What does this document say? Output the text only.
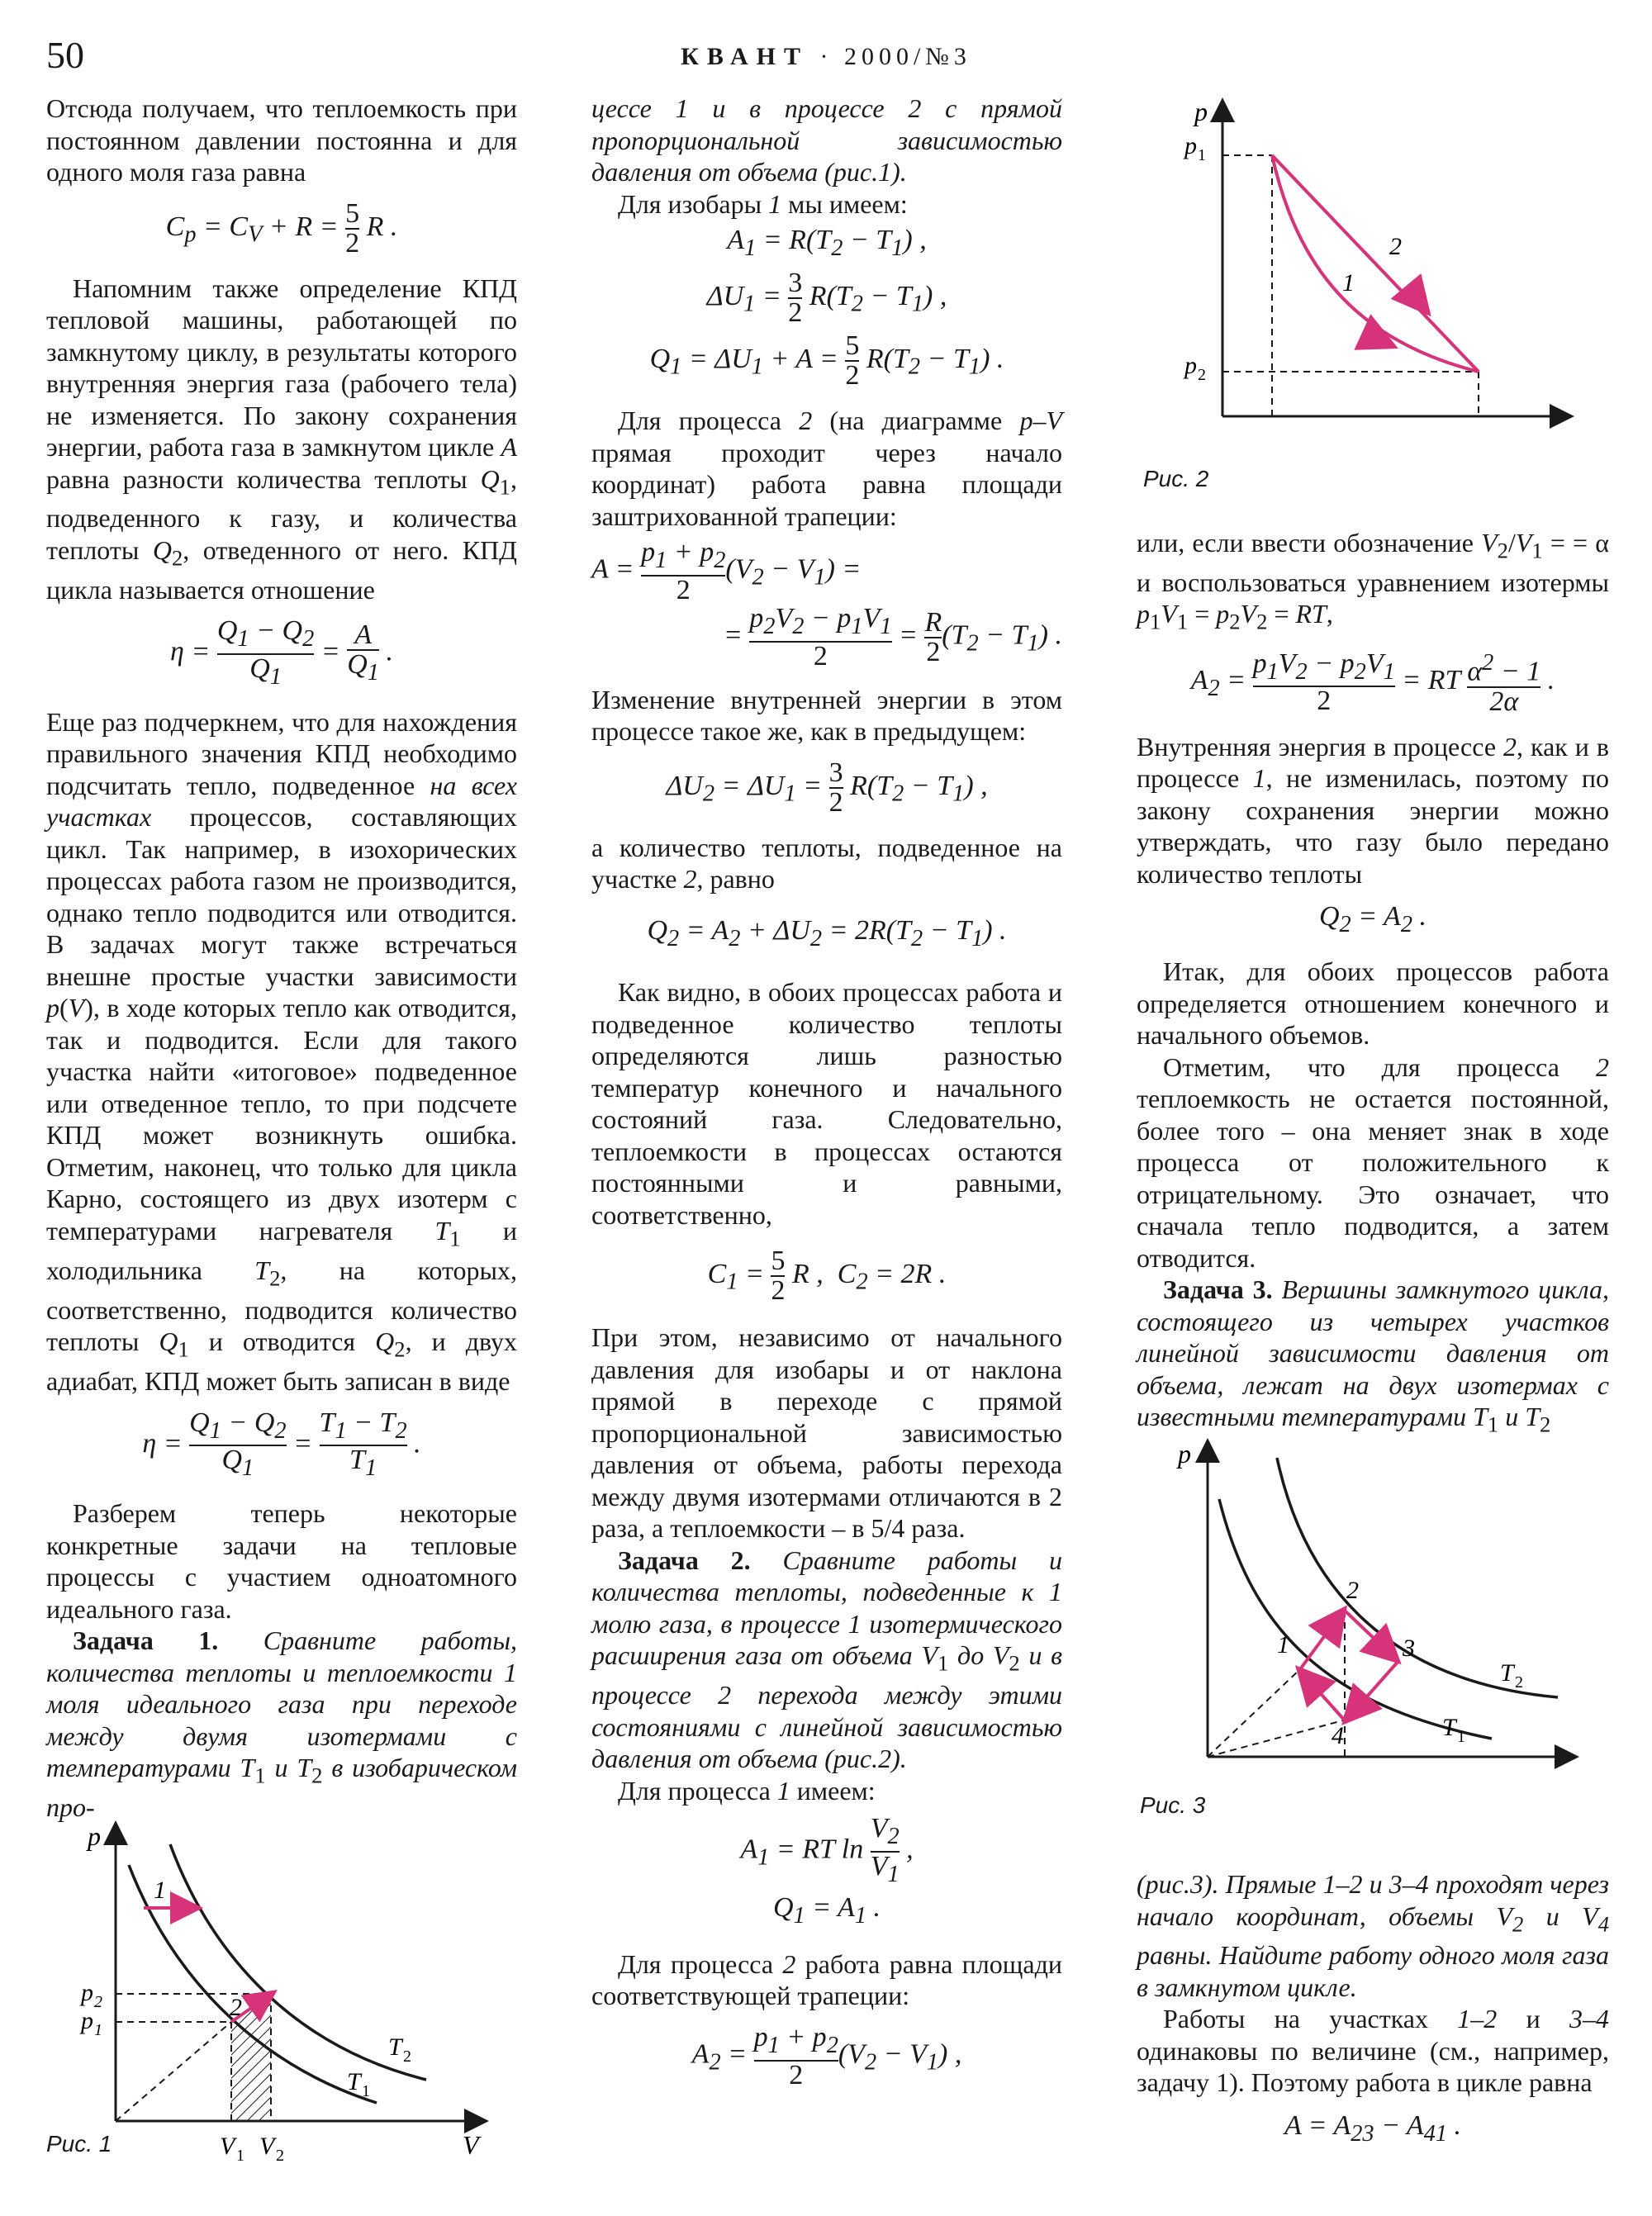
50	КВАНТ · 2000/№3

Отсюда получаем, что теплоемкость при постоянном давлении постоянна и для одного моля газа равна

$C_p = C_V + R = \frac{5}{2}$ R .

Напомним также определение КПД тепловой машины, работающей по замкнутому циклу, в результаты которого внутренняя энергия газа (рабочего тела) не изменяется. По закону сохранения энергии, работа газа в замкнутом цикле A равна разности количества теплоты $Q_1$, подведенного к газу, и количества теплоты $Q_2$, отведенного от него. КПД цикла называется отношение

$\eta = \frac{Q_1 - Q_2}{Q_1} = \frac{A}{Q_1}$ .

Еще раз подчеркнем, что для нахождения правильного значения КПД необходимо подсчитать тепло, подведенное на всех участках процессов, составляющих цикл. Так например, в изохорических процессах работа газом не производится, однако тепло подводится или отводится. В задачах могут также встречаться внешне простые участки зависимости p(V), в ходе которых тепло как отводится, так и подводится. Если для такого участка найти «итоговое» подведенное или отведенное тепло, то при подсчете КПД может возникнуть ошибка. Отметим, наконец, что только для цикла Карно, состоящего из двух изотерм с температурами нагревателя $T_1$ и холодильника $T_2$, на которых, соответственно, подводится количество теплоты $Q_1$ и отводится $Q_2$, и двух адиабат, КПД может быть записан в виде

$\eta = \frac{Q_1 - Q_2}{Q_1} = \frac{T_1 - T_2}{T_1}$ .

Разберем теперь некоторые конкретные задачи на тепловые процессы с участием одноатомного идеального газа.

Задача 1. Сравните работы, количества теплоты и теплоемкости 1 моля идеального газа при переходе между двумя изотермами с температурами $T_1$ и $T_2$ в изобарическом про-

p
V
1
2
p 2
p 1
V 1 V 2
T 2
T 1
Рис. 1

цессе 1 и в процессе 2 с прямой пропорциональной зависимостью давления от объема (рис.1).

Для изобары 1 мы имеем:

$A_1 = R(T_2 - T_1)$ ,
$\Delta U_1 = \frac{3}{2} R(T_2 - T_1)$ ,
$Q_1 = \Delta U_1 + A = \frac{5}{2} R(T_2 - T_1)$ .

Для процесса 2 (на диаграмме p–V прямая проходит через начало координат) работа равна площади заштрихованной трапеции:

$A = \frac{p_1 + p_2}{2} (V_2 - V_1)$ =
= $\frac{p_2V_2 - p_1V_1}{2} = \frac{R}{2} (T_2 - T_1)$ .

Изменение внутренней энергии в этом процессе такое же, как в предыдущем:

$\Delta U_2 = \Delta U_1 = \frac{3}{2} R(T_2 - T_1)$ ,

а количество теплоты, подведенное на участке 2, равно

$Q_2 = A_2 + \Delta U_2 = 2R(T_2 - T_1)$ .

Как видно, в обоих процессах работа и подведенное количество теплоты определяются лишь разностью температур конечного и начального состояний газа. Следовательно, теплоемкости в процессах остаются постоянными и равными, соответственно,

$C_1 = \frac{5}{2}$ R ,  $C_2 = 2R$ .

При этом, независимо от начального давления для изобары и от наклона прямой в переходе с прямой пропорциональной зависимостью давления от объема, работы перехода между двумя изотермами отличаются в 2 раза, а теплоемкости – в 5/4 раза.

Задача 2. Сравните работы и количества теплоты, подведенные к 1 молю газа, в процессе 1 изотермического расширения газа от объема $V_1$ до $V_2$ и в процессе 2 перехода между этими состояниями с линейной зависимостью давления от объема (рис.2).

Для процесса 1 имеем:

$A_1$ = RT $\ln \frac{V_2}{V_1}$ ,
$Q_1 = A_1$ .

Для процесса 2 работа равна площади соответствующей трапеции:

$A_2 = \frac{p_1 + p_2}{2} (V_2 - V_1)$ ,
p
p 1
p 2
1
2
Рис. 2

или, если ввести обозначение $V_2/V_1$ = = α и воспользоваться уравнением изотермы $p_1V_1 = p_2V_2$ = RT,

$A_2 = \frac{p_1V_2 - p_2V_1}{2}$ = RT $\frac{\alpha^2 - 1}{2\alpha}$ .

Внутренняя энергия в процессе 2, как и в процессе 1, не изменилась, поэтому по закону сохранения энергии можно утверждать, что газу было передано количество теплоты

$Q_2 = A_2$ .

Итак, для обоих процессов работа определяется отношением конечного и начального объемов.

Отметим, что для процесса 2 теплоемкость не остается постоянной, более того – она меняет знак в ходе процесса от положительного к отрицательному. Это означает, что сначала тепло подводится, а затем отводится.

Задача 3. Вершины замкнутого цикла, состоящего из четырех участков линейной зависимости давления от объема, лежат на двух изотермах с известными температурами $T_1$ и $T_2$

p
1
2
3
4
T 2
T 1
Рис. 3

(рис.3). Прямые 1–2 и 3–4 проходят через начало координат, объемы $V_2$ и $V_4$ равны. Найдите работу одного моля газа в замкнутом цикле.

Работы на участках 1–2 и 3–4 одинаковы по величине (см., например, задачу 1). Поэтому работа в цикле равна

$A = A_{23} - A_{41}$ .
